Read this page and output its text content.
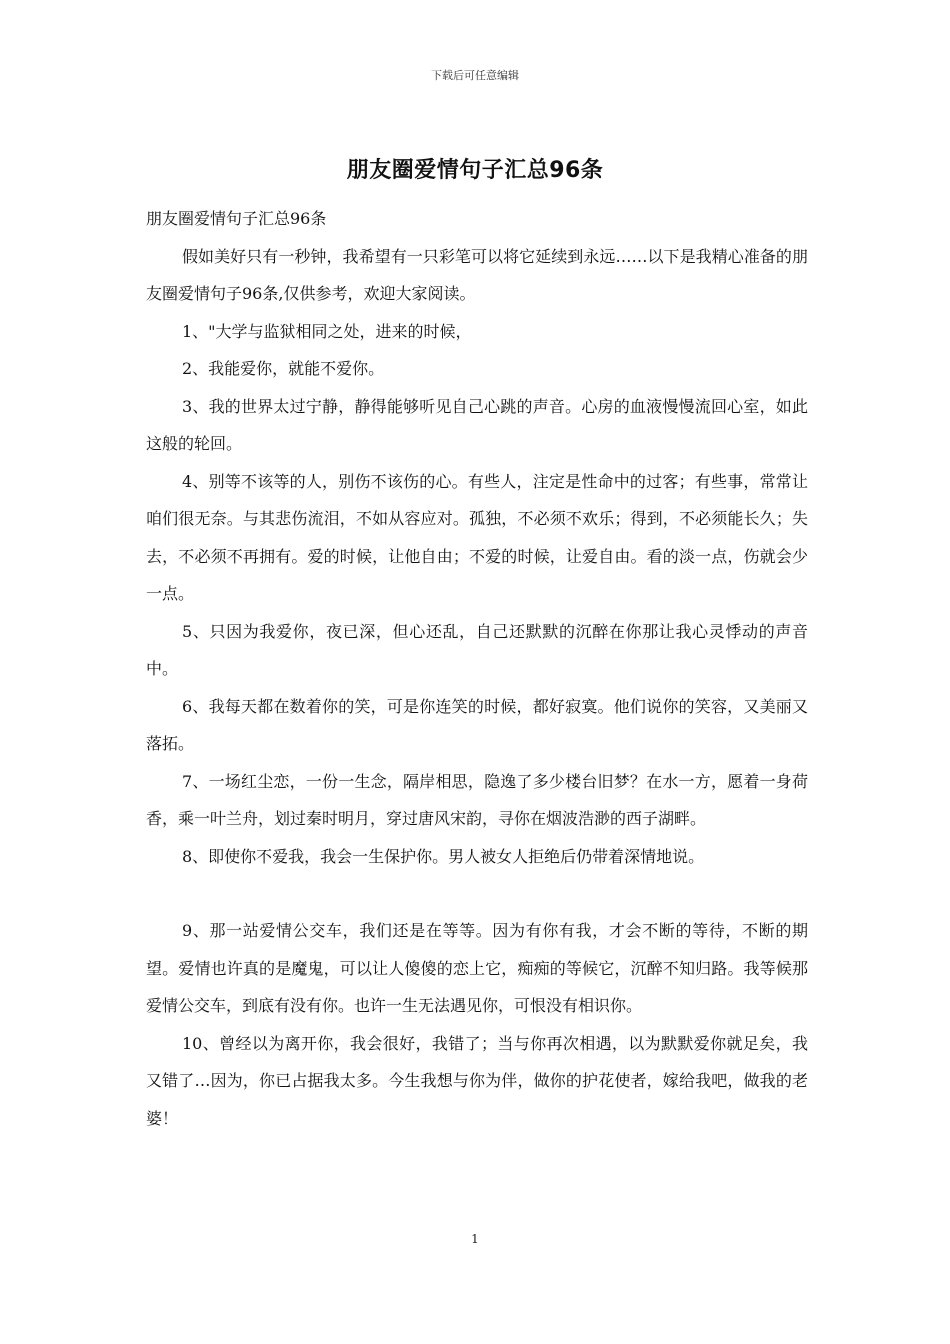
下载后可任意编辑
朋友圈爱情句子汇总96条

朋友圈爱情句子汇总96条

假如美好只有一秒钟，我希望有一只彩笔可以将它延续到永远……以下是我精心准备的朋友圈爱情句子96条,仅供参考，欢迎大家阅读。

1、"大学与监狱相同之处，进来的时候，

2、我能爱你，就能不爱你。

3、我的世界太过宁静，静得能够听见自己心跳的声音。心房的血液慢慢流回心室，如此这般的轮回。

4、别等不该等的人，别伤不该伤的心。有些人，注定是性命中的过客；有些事，常常让咱们很无奈。与其悲伤流泪，不如从容应对。孤独，不必须不欢乐；得到，不必须能长久；失去，不必须不再拥有。爱的时候，让他自由；不爱的时候，让爱自由。看的淡一点，伤就会少一点。

5、只因为我爱你，夜已深，但心还乱，自己还默默的沉醉在你那让我心灵悸动的声音中。

6、我每天都在数着你的笑，可是你连笑的时候，都好寂寞。他们说你的笑容，又美丽又落拓。

7、一场红尘恋，一份一生念，隔岸相思，隐逸了多少楼台旧梦？在水一方，愿着一身荷香，乘一叶兰舟，划过秦时明月，穿过唐风宋韵，寻你在烟波浩渺的西子湖畔。

8、即使你不爱我，我会一生保护你。男人被女人拒绝后仍带着深情地说。

9、那一站爱情公交车，我们还是在等等。因为有你有我，才会不断的等待，不断的期望。爱情也许真的是魔鬼，可以让人傻傻的恋上它，痴痴的等候它，沉醉不知归路。我等候那爱情公交车，到底有没有你。也许一生无法遇见你，可恨没有相识你。

10、曾经以为离开你，我会很好，我错了；当与你再次相遇，以为默默爱你就足矣，我又错了…因为，你已占据我太多。今生我想与你为伴，做你的护花使者，嫁给我吧，做我的老婆！

1
